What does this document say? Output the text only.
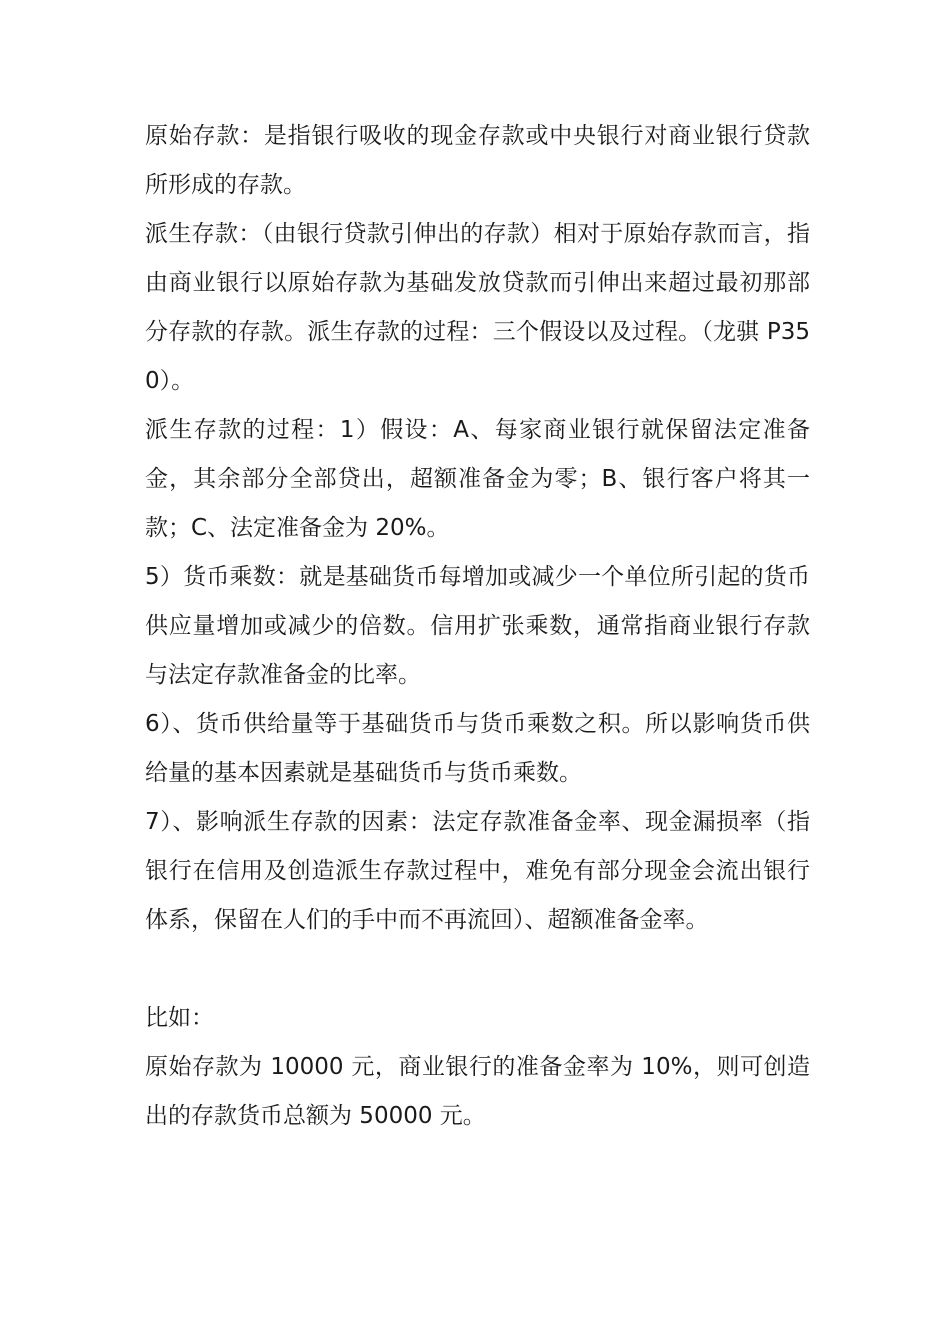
原始存款：是指银行吸收的现金存款或中央银行对商业银行贷款所形成的存款。

派生存款：（由银行贷款引伸出的存款）相对于原始存款而言，指由商业银行以原始存款为基础发放贷款而引伸出来超过最初那部分存款的存款。派生存款的过程：三个假设以及过程。（龙骐 P350）。

派生存款的过程：1）假设：A、每家商业银行就保留法定准备金，其余部分全部贷出，超额准备金为零；B、银行客户将其一款；C、法定准备金为 20%。

5）货币乘数：就是基础货币每增加或减少一个单位所引起的货币供应量增加或减少的倍数。信用扩张乘数，通常指商业银行存款与法定存款准备金的比率。

6）、货币供给量等于基础货币与货币乘数之积。所以影响货币供给量的基本因素就是基础货币与货币乘数。

7）、影响派生存款的因素：法定存款准备金率、现金漏损率（指银行在信用及创造派生存款过程中，难免有部分现金会流出银行体系，保留在人们的手中而不再流回）、超额准备金率。

比如：

原始存款为 10000 元，商业银行的准备金率为 10%，则可创造出的存款货币总额为 50000 元。
